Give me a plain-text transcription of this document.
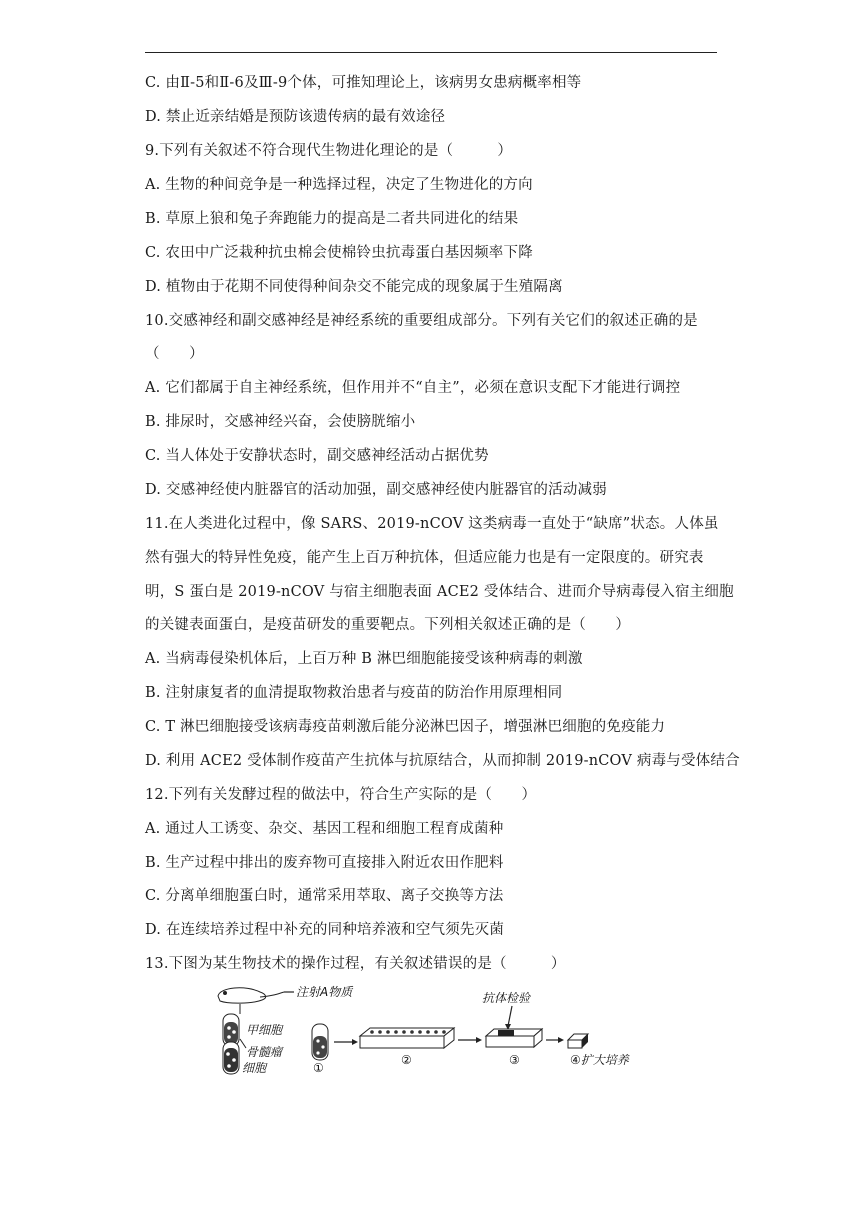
C. 由Ⅱ-5和Ⅱ-6及Ⅲ-9个体，可推知理论上，该病男女患病概率相等
D. 禁止近亲结婚是预防该遗传病的最有效途径
9.下列有关叙述不符合现代生物进化理论的是（　　　）
A. 生物的种间竞争是一种选择过程，决定了生物进化的方向
B. 草原上狼和兔子奔跑能力的提高是二者共同进化的结果
C. 农田中广泛栽种抗虫棉会使棉铃虫抗毒蛋白基因频率下降
D. 植物由于花期不同使得种间杂交不能完成的现象属于生殖隔离
10.交感神经和副交感神经是神经系统的重要组成部分。下列有关它们的叙述正确的是
（　　）
A. 它们都属于自主神经系统，但作用并不“自主”，必须在意识支配下才能进行调控
B. 排尿时，交感神经兴奋，会使膀胱缩小
C. 当人体处于安静状态时，副交感神经活动占据优势
D. 交感神经使内脏器官的活动加强，副交感神经使内脏器官的活动减弱
11.在人类进化过程中，像 SARS、2019-nCOV 这类病毒一直处于“缺席”状态。人体虽
然有强大的特异性免疫，能产生上百万种抗体，但适应能力也是有一定限度的。研究表
明，S 蛋白是 2019-nCOV 与宿主细胞表面 ACE2 受体结合、进而介导病毒侵入宿主细胞
的关键表面蛋白，是疫苗研发的重要靶点。下列相关叙述正确的是（　　）
A. 当病毒侵染机体后，上百万种 B 淋巴细胞能接受该种病毒的刺激
B. 注射康复者的血清提取物救治患者与疫苗的防治作用原理相同
C. T 淋巴细胞接受该病毒疫苗刺激后能分泌淋巴因子，增强淋巴细胞的免疫能力
D. 利用 ACE2 受体制作疫苗产生抗体与抗原结合，从而抑制 2019-nCOV 病毒与受体结合
12.下列有关发酵过程的做法中，符合生产实际的是（　　）
A. 通过人工诱变、杂交、基因工程和细胞工程育成菌种
B. 生产过程中排出的废弃物可直接排入附近农田作肥料
C. 分离单细胞蛋白时，通常采用萃取、离子交换等方法
D. 在连续培养过程中补充的同种培养液和空气须先灭菌
13.下图为某生物技术的操作过程，有关叙述错误的是（　　　）
注射A物质
甲细胞
骨髓瘤
细胞	①
②
抗体检验
③	④扩大培养
